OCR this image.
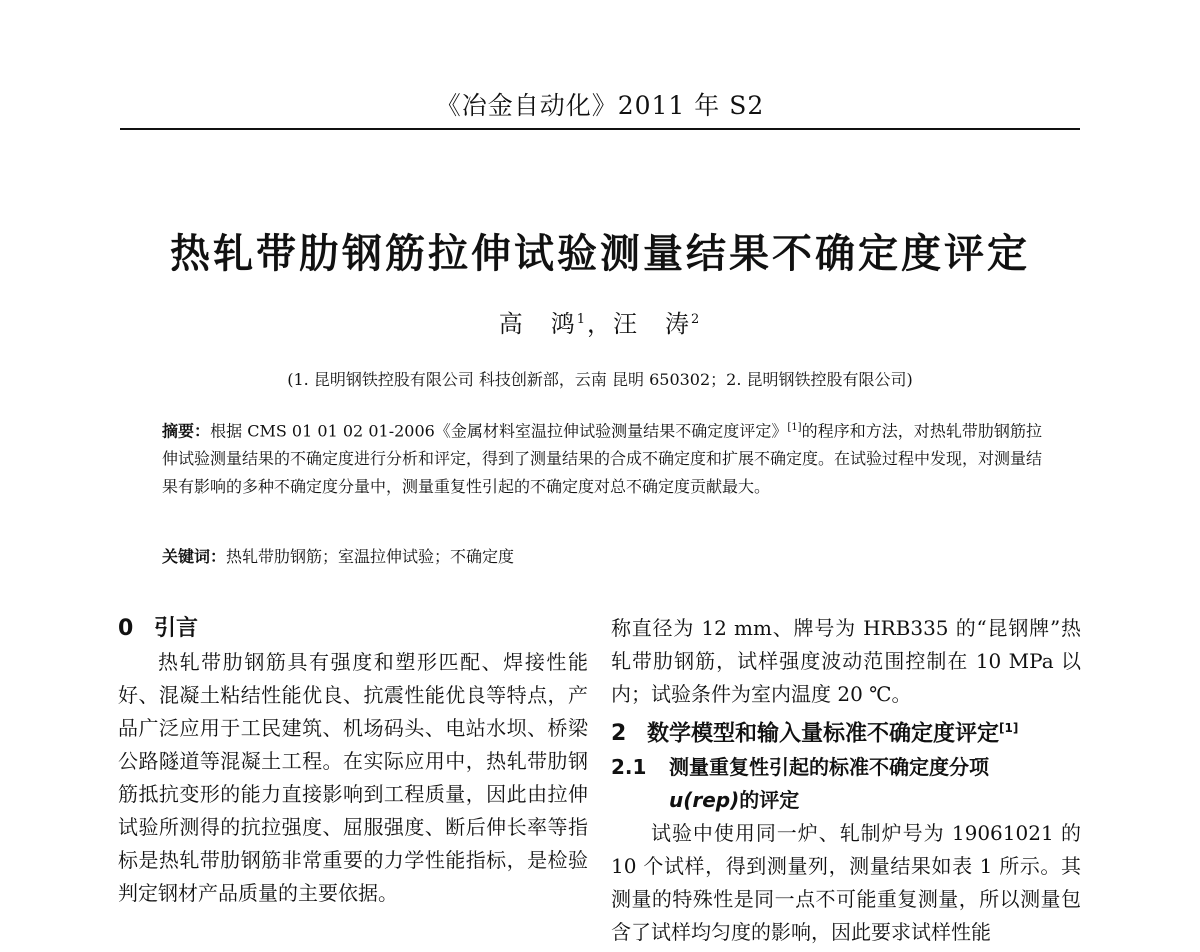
《冶金自动化》2011 年 S2
热轧带肋钢筋拉伸试验测量结果不确定度评定
高　鸿$^1$，汪　涛$^2$
(1. 昆明钢铁控股有限公司 科技创新部，云南 昆明 650302；2. 昆明钢铁控股有限公司)
摘要：根据 CMS 01 01 02 01-2006《金属材料室温拉伸试验测量结果不确定度评定》[1]的程序和方法，对热轧带肋钢筋拉伸试验测量结果的不确定度进行分析和评定，得到了测量结果的合成不确定度和扩展不确定度。在试验过程中发现，对测量结果有影响的多种不确定度分量中，测量重复性引起的不确定度对总不确定度贡献最大。
关键词：热轧带肋钢筋；室温拉伸试验；不确定度
0 引言

热轧带肋钢筋具有强度和塑形匹配、焊接性能好、混凝土粘结性能优良、抗震性能优良等特点，产品广泛应用于工民建筑、机场码头、电站水坝、桥梁公路隧道等混凝土工程。在实际应用中，热轧带肋钢筋抵抗变形的能力直接影响到工程质量，因此由拉伸试验所测得的抗拉强度、屈服强度、断后伸长率等指标是热轧带肋钢筋非常重要的力学性能指标，是检验判定钢材产品质量的主要依据。

称直径为 12 mm、牌号为 HRB335 的“昆钢牌”热轧带肋钢筋，试样强度波动范围控制在 10 MPa 以内；试验条件为室内温度 20 ℃。

2 数学模型和输入量标准不确定度评定[1]
2.1 测量重复性引起的标准不确定度分项
u(rep)的评定

试验中使用同一炉、轧制炉号为 19061021 的 10 个试样，得到测量列，测量结果如表 1 所示。其测量的特殊性是同一点不可能重复测量，所以测量包含了试样均匀度的影响，因此要求试样性能
